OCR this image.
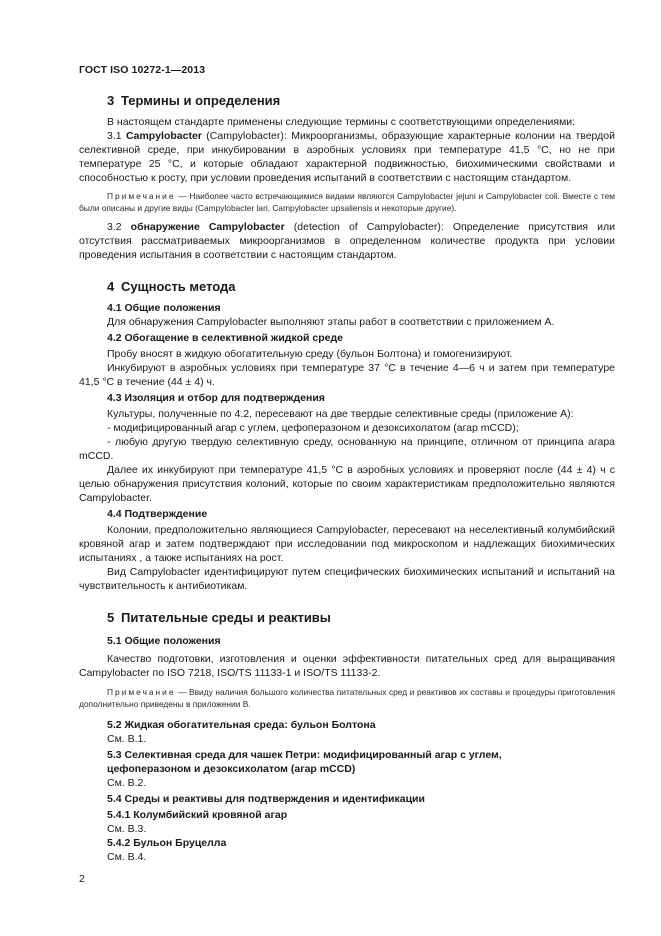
ГОСТ ISO 10272-1—2013
3 Термины и определения

В настоящем стандарте применены следующие термины с соответствующими определениями:

3.1 Campylobacter (Campylobacter): Микроорганизмы, образующие характерные колонии на твердой селективной среде, при инкубировании в аэробных условиях при температуре 41,5 °С, но не при температуре 25 °С, и которые обладают характерной подвижностью, биохимическими свойствами и способностью к росту, при условии проведения испытаний в соответствии с настоящим стандартом.

Примечание — Наиболее часто встречающимися видами являются Campylobacter jejuni и Campylobacter coli. Вместе с тем были описаны и другие виды (Campylobacter lari, Campylobacter upsaliensis и некоторые другие).

3.2 обнаружение Campylobacter (detection of Campylobacter): Определение присутствия или отсутствия рассматриваемых микроорганизмов в определенном количестве продукта при условии проведения испытания в соответствии с настоящим стандартом.

4 Сущность метода

4.1 Общие положения

Для обнаружения Campylobacter выполняют этапы работ в соответствии с приложением А.

4.2 Обогащение в селективной жидкой среде

Пробу вносят в жидкую обогатительную среду (бульон Болтона) и гомогенизируют.

Инкубируют в аэробных условиях при температуре 37 °С в течение 4—6 ч и затем при температуре 41,5 °С в течение (44 ± 4) ч.

4.3 Изоляция и отбор для подтверждения

Культуры, полученные по 4.2, пересевают на две твердые селективные среды (приложение А):

- модифицированный агар с углем, цефоперазоном и дезоксихолатом (агар mCCD);

- любую другую твердую селективную среду, основанную на принципе, отличном от принципа агара mCCD.

Далее их инкубируют при температуре 41,5 °С в аэробных условиях и проверяют после (44 ± 4) ч с целью обнаружения присутствия колоний, которые по своим характеристикам предположительно являются Campylobacter.

4.4 Подтверждение

Колонии, предположительно являющиеся Campylobacter, пересевают на неселективный колумбийский кровяной агар и затем подтверждают при исследовании под микроскопом и надлежащих биохимических испытаниях , а также испытаниях на рост.

Вид Campylobacter идентифицируют путем специфических биохимических испытаний и испытаний на чувствительность к антибиотикам.

5 Питательные среды и реактивы

5.1 Общие положения

Качество подготовки, изготовления и оценки эффективности питательных сред для выращивания Campylobacter по ISO 7218, ISO/TS 11133-1 и ISO/TS 11133-2.

Примечание — Ввиду наличия большого количества питательных сред и реактивов их составы и процедуры приготовления дополнительно приведены в приложении В.

5.2 Жидкая обогатительная среда: бульон Болтона

См. В.1.

5.3 Селективная среда для чашек Петри: модифицированный агар с углем,

цефоперазоном и дезоксихолатом (агар mCCD)

См. В.2.

5.4 Среды и реактивы для подтверждения и идентификации

5.4.1 Колумбийский кровяной агар

См. В.3.

5.4.2 Бульон Бруцелла

См. В.4.

2
